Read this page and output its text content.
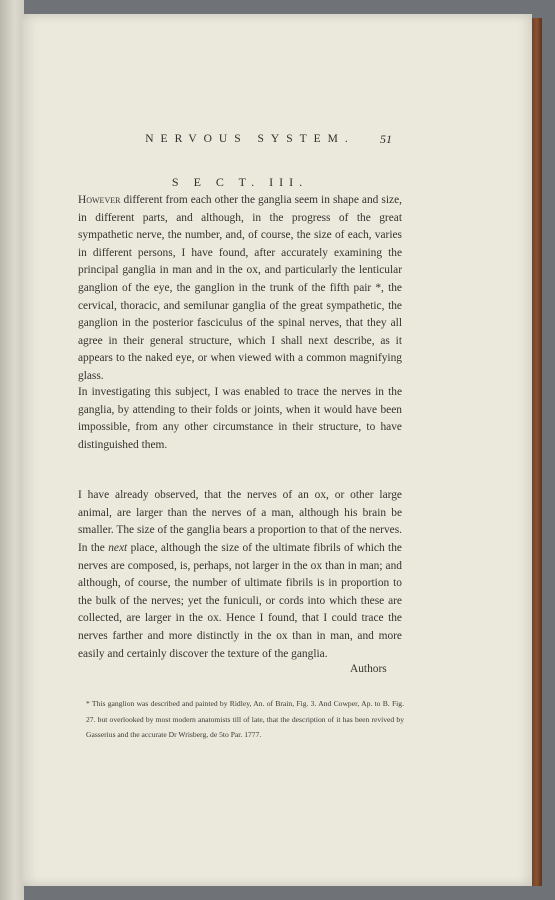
NERVOUS SYSTEM.	51
S E C T. III.
However different from each other the ganglia seem in shape and size, in different parts, and although, in the progress of the great sympathetic nerve, the number, and, of course, the size of each, varies in different persons, I have found, after accurately examining the principal ganglia in man and in the ox, and particularly the lenticular ganglion of the eye, the ganglion in the trunk of the fifth pair *, the cervical, thoracic, and semilunar ganglia of the great sympathetic, the ganglion in the posterior fasciculus of the spinal nerves, that they all agree in their general structure, which I shall next describe, as it appears to the naked eye, or when viewed with a common magnifying glass.
In investigating this subject, I was enabled to trace the nerves in the ganglia, by attending to their folds or joints, when it would have been impossible, from any other circumstance in their structure, to have distinguished them.
I have already observed, that the nerves of an ox, or other large animal, are larger than the nerves of a man, although his brain be smaller. The size of the ganglia bears a proportion to that of the nerves.
In the next place, although the size of the ultimate fibrils of which the nerves are composed, is, perhaps, not larger in the ox than in man; and although, of course, the number of ultimate fibrils is in proportion to the bulk of the nerves; yet the funiculi, or cords into which these are collected, are larger in the ox. Hence I found, that I could trace the nerves farther and more distinctly in the ox than in man, and more easily and certainly discover the texture of the ganglia.
Authors
* This ganglion was described and painted by Ridley, An. of Brain, Fig. 3. And Cowper, Ap. to B. Fig. 27. but overlooked by most modern anatomists till of late, that the description of it has been revived by Gasserius and the accurate Dr Wrisberg, de 5to Par. 1777.
